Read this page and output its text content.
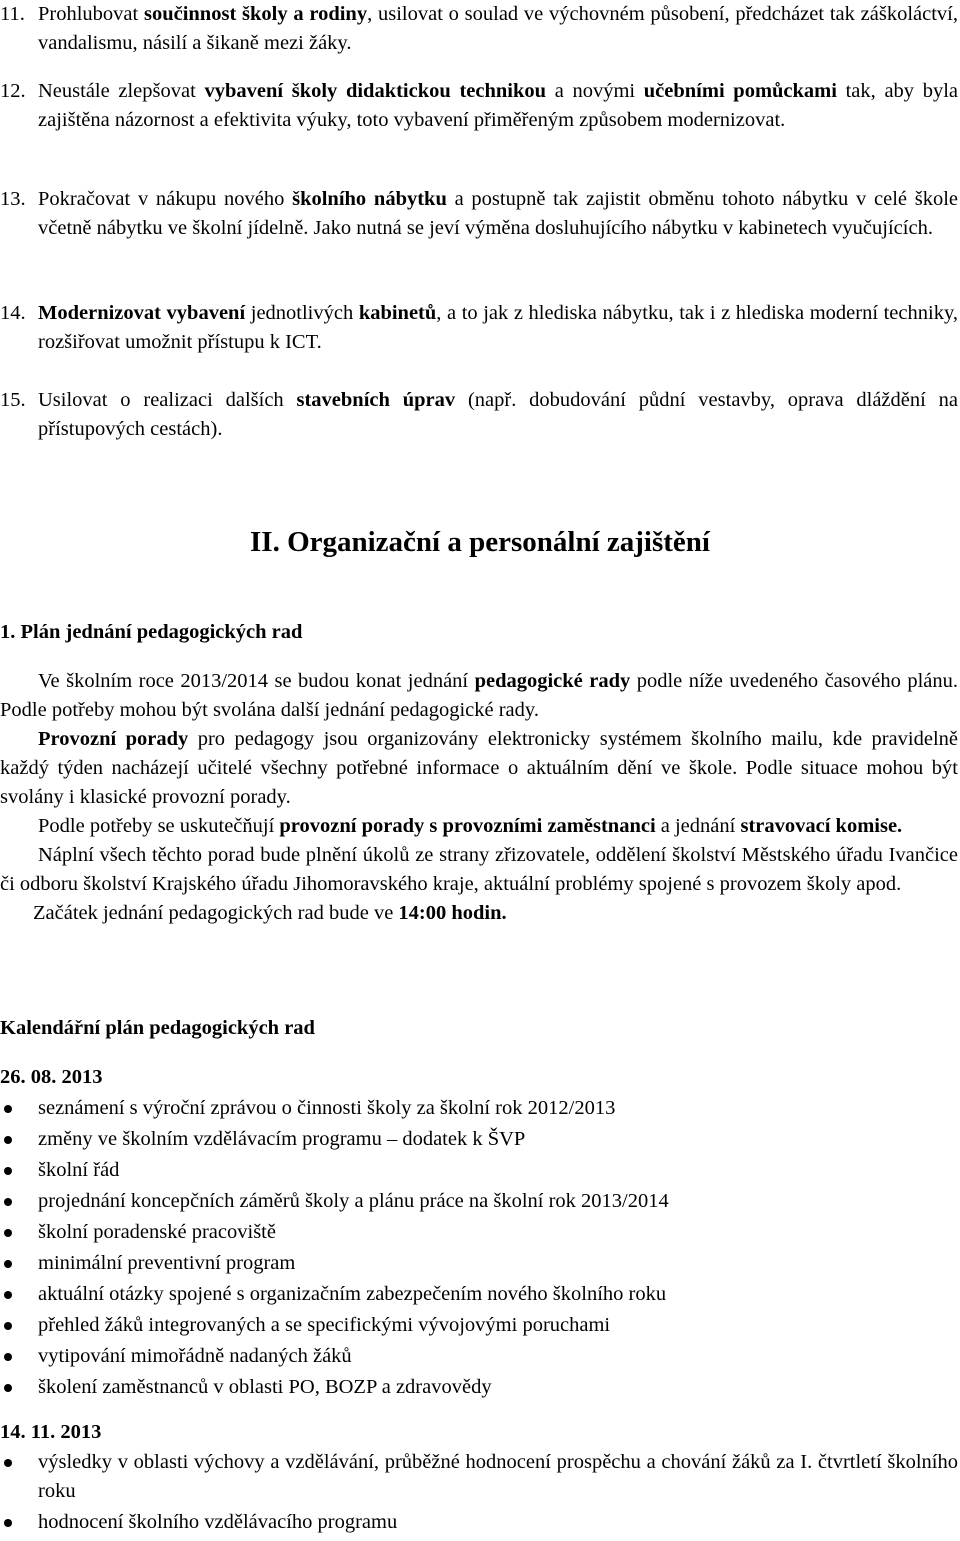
11. Prohlubovat součinnost školy a rodiny, usilovat o soulad ve výchovném působení, předcházet tak záškoláctví, vandalismu, násilí a šikaně mezi žáky.
12. Neustále zlepšovat vybavení školy didaktickou technikou a novými učebními pomůckami tak, aby byla zajištěna názornost a efektivita výuky, toto vybavení přiměřeným způsobem modernizovat.
13. Pokračovat v nákupu nového školního nábytku a postupně tak zajistit obměnu tohoto nábytku v celé škole včetně nábytku ve školní jídelně. Jako nutná se jeví výměna dosluhujícího nábytku v kabinetech vyučujících.
14. Modernizovat vybavení jednotlivých kabinetů, a to jak z hlediska nábytku, tak i z hlediska moderní techniky, rozšiřovat umožnit přístupu k ICT.
15. Usilovat o realizaci dalších stavebních úprav (např. dobudování půdní vestavby, oprava dláždění na přístupových cestách).
II. Organizační a personální zajištění
1. Plán jednání pedagogických rad
Ve školním roce 2013/2014 se budou konat jednání pedagogické rady podle níže uvedeného časového plánu. Podle potřeby mohou být svolána další jednání pedagogické rady.
Provozní porady pro pedagogy jsou organizovány elektronicky systémem školního mailu, kde pravidelně každý týden nacházejí učitelé všechny potřebné informace o aktuálním dění ve škole. Podle situace mohou být svolány i klasické provozní porady.
Podle potřeby se uskutečňují provozní porady s provozními zaměstnanci a jednání stravovací komise.
Náplní všech těchto porad bude plnění úkolů ze strany zřizovatele, oddělení školství Městského úřadu Ivančice či odboru školství Krajského úřadu Jihomoravského kraje, aktuální problémy spojené s provozem školy apod.
Začátek jednání pedagogických rad bude ve 14:00 hodin.
Kalendářní plán pedagogických rad
26. 08. 2013
seznámení s výroční zprávou o činnosti školy za školní rok 2012/2013
změny ve školním vzdělávacím programu – dodatek k ŠVP
školní řád
projednání koncepčních záměrů školy a plánu práce na školní rok 2013/2014
školní poradenské pracoviště
minimální preventivní program
aktuální otázky spojené s organizačním zabezpečením nového školního roku
přehled žáků integrovaných a se specifickými vývojovými poruchami
vytipování mimořádně nadaných žáků
školení zaměstnanců v oblasti PO, BOZP a zdravovědy
14. 11. 2013
výsledky v oblasti výchovy a vzdělávání, průběžné hodnocení prospěchu a chování žáků za I. čtvrtletí školního roku
hodnocení školního vzdělávacího programu
